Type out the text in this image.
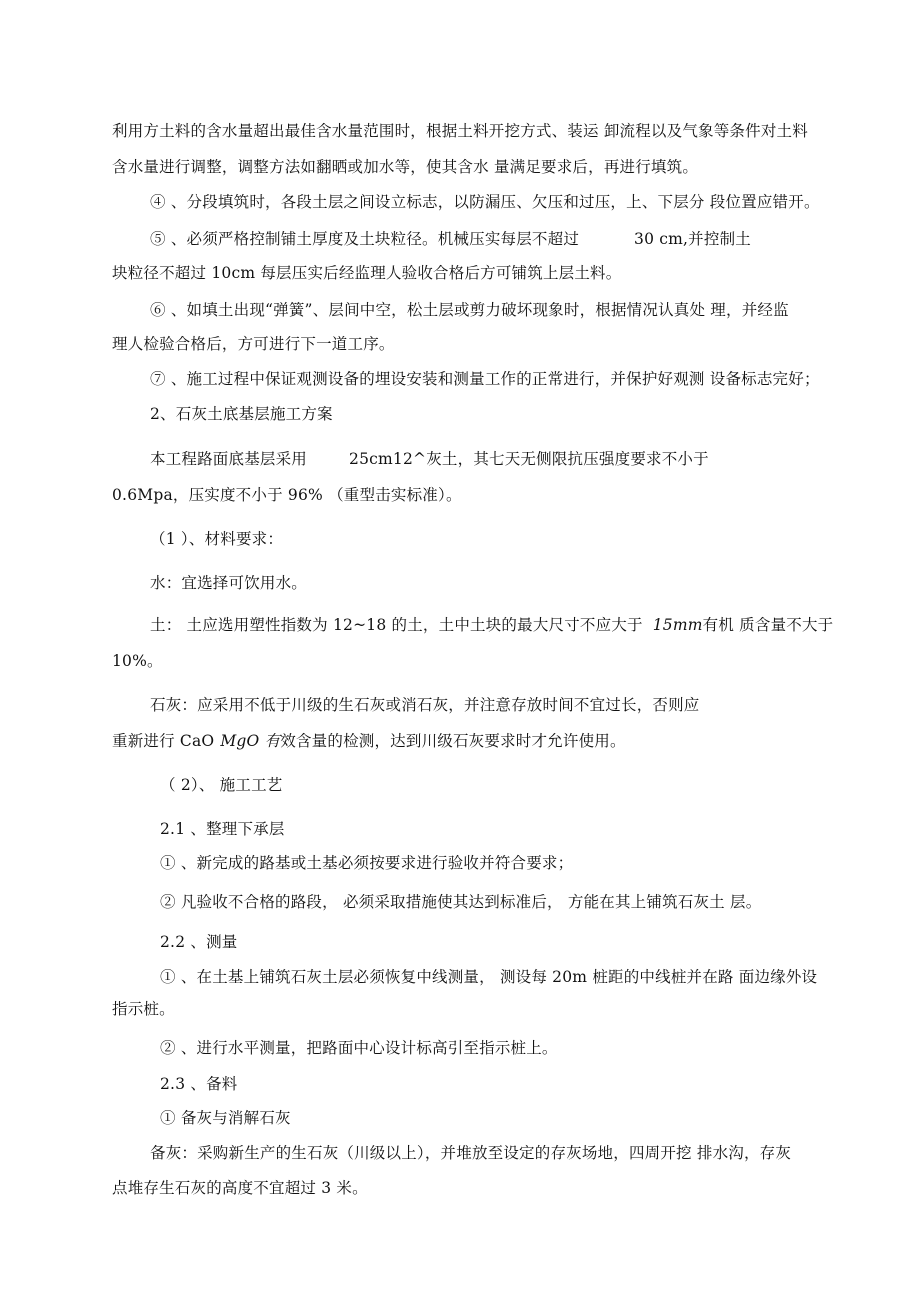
利用方土料的含水量超出最佳含水量范围时，根据土料开挖方式、装运 卸流程以及气象等条件对土料
含水量进行调整，调整方法如翻晒或加水等，使其含水 量满足要求后，再进行填筑。
④ 、分段填筑时，各段土层之间设立标志，以防漏压、欠压和过压，上、下层分 段位置应错开。
⑤ 、必须严格控制铺土厚度及土块粒径。机械压实每层不超过	30 cm,并控制土
块粒径不超过 10cm 每层压实后经监理人验收合格后方可铺筑上层土料。
⑥ 、如填土出现“弹簧”、层间中空，松土层或剪力破坏现象时，根据情况认真处 理，并经监
理人检验合格后，方可进行下一道工序。
⑦ 、施工过程中保证观测设备的埋设安装和测量工作的正常进行，并保护好观测 设备标志完好；
2、石灰土底基层施工方案
本工程路面底基层采用	25cm12^灰土，其七天无侧限抗压强度要求不小于
0.6Mpa，压实度不小于 96% （重型击实标准）。
（1 ）、材料要求：
水：宜选择可饮用水。
土： 土应选用塑性指数为 12~18 的土，土中土块的最大尺寸不应大于 15mm有机 质含量不大于
10%。
石灰：应采用不低于川级的生石灰或消石灰，并注意存放时间不宜过长，否则应
重新进行 CaO MgO 有效含量的检测，达到川级石灰要求时才允许使用。
（ 2）、 施工工艺
2.1 、整理下承层
① 、新完成的路基或土基必须按要求进行验收并符合要求；
② 凡验收不合格的路段， 必须采取措施使其达到标准后， 方能在其上铺筑石灰土 层。
2.2 、测量
① 、在土基上铺筑石灰土层必须恢复中线测量， 测设每 20m 桩距的中线桩并在路 面边缘外设
指示桩。
② 、进行水平测量，把路面中心设计标高引至指示桩上。
2.3 、备料
① 备灰与消解石灰
备灰：采购新生产的生石灰（川级以上），并堆放至设定的存灰场地，四周开挖 排水沟，存灰
点堆存生石灰的高度不宜超过 3 米。
